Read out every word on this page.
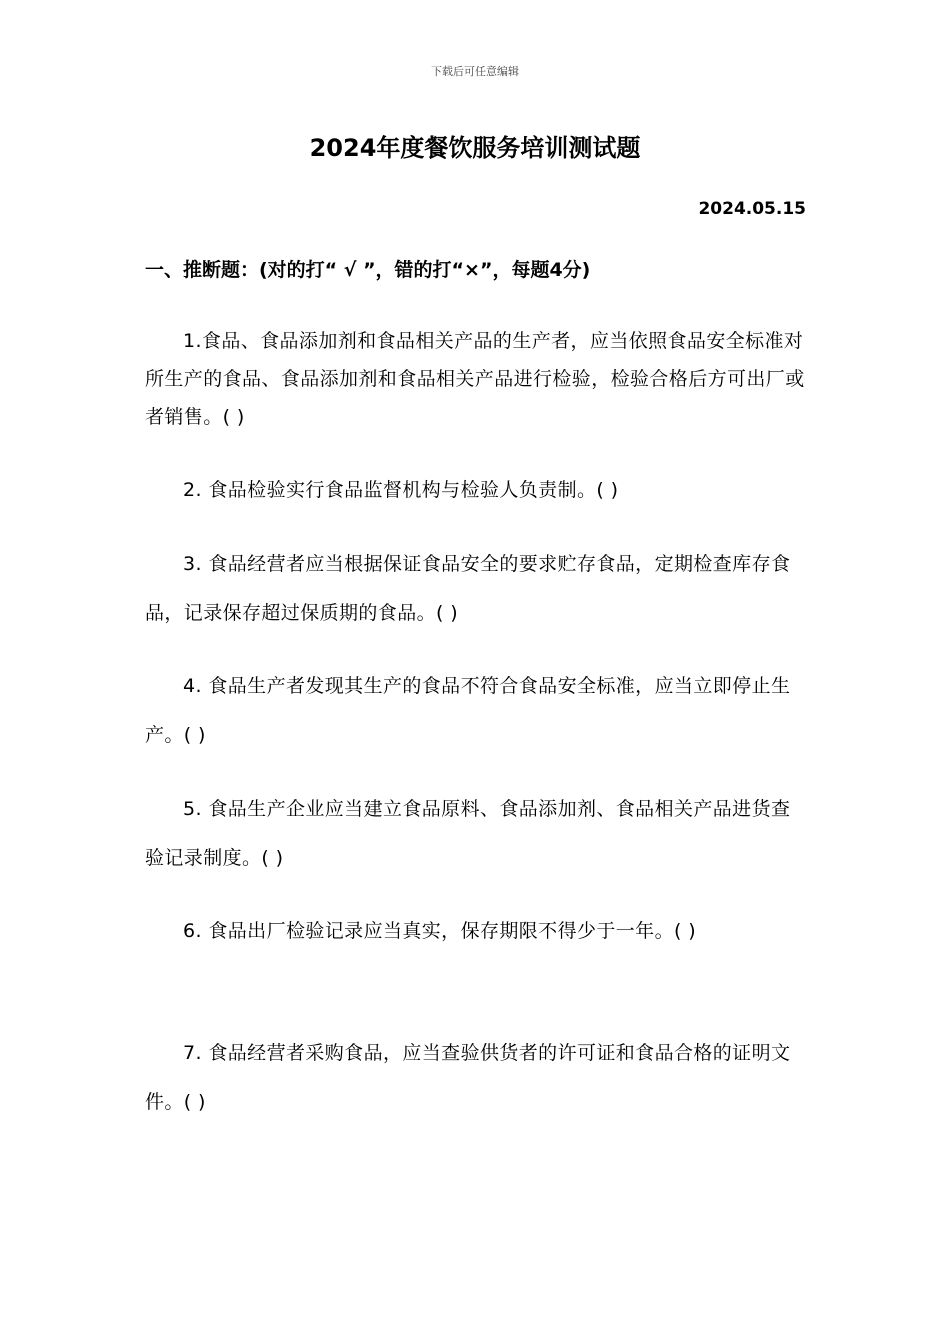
下载后可任意编辑
2024年度餐饮服务培训测试题
2024.05.15
一、推断题：(对的打“ √ ”，错的打“×”，每题4分)

1.食品、食品添加剂和食品相关产品的生产者，应当依照食品安全标准对所生产的食品、食品添加剂和食品相关产品进行检验，检验合格后方可出厂或者销售。( )

2. 食品检验实行食品监督机构与检验人负责制。( )

3. 食品经营者应当根据保证食品安全的要求贮存食品，定期检查库存食品，记录保存超过保质期的食品。( )

4. 食品生产者发现其生产的食品不符合食品安全标准，应当立即停止生产。( )

5. 食品生产企业应当建立食品原料、食品添加剂、食品相关产品进货查验记录制度。( )

6. 食品出厂检验记录应当真实，保存期限不得少于一年。( )

7. 食品经营者采购食品，应当查验供货者的许可证和食品合格的证明文件。( )
